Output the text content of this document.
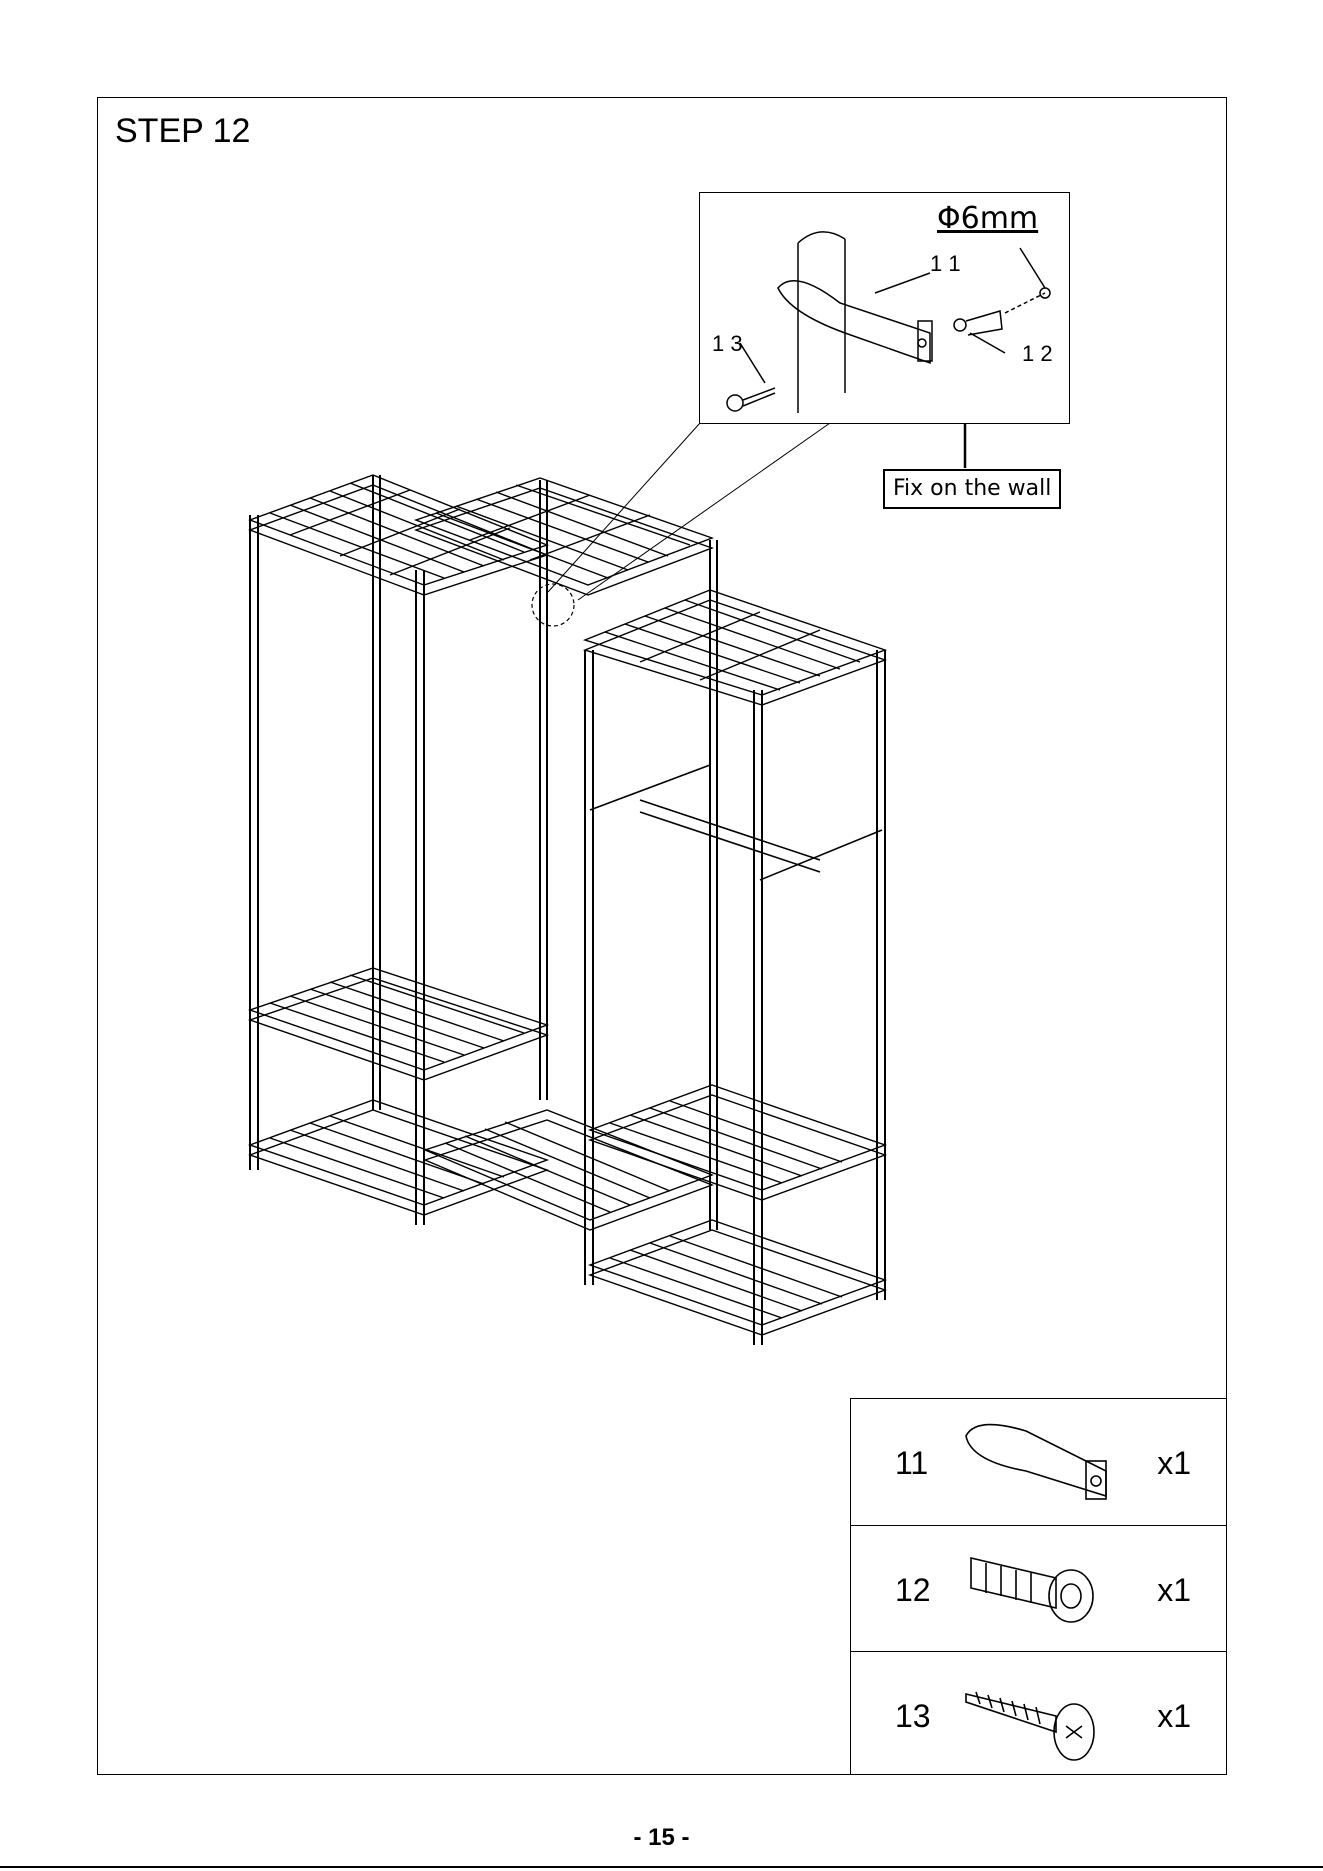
STEP 12
Φ6mm
1 1
1 2
1 3
Fix on the wall
11	x1
12	x1
13	x1
- 15 -
